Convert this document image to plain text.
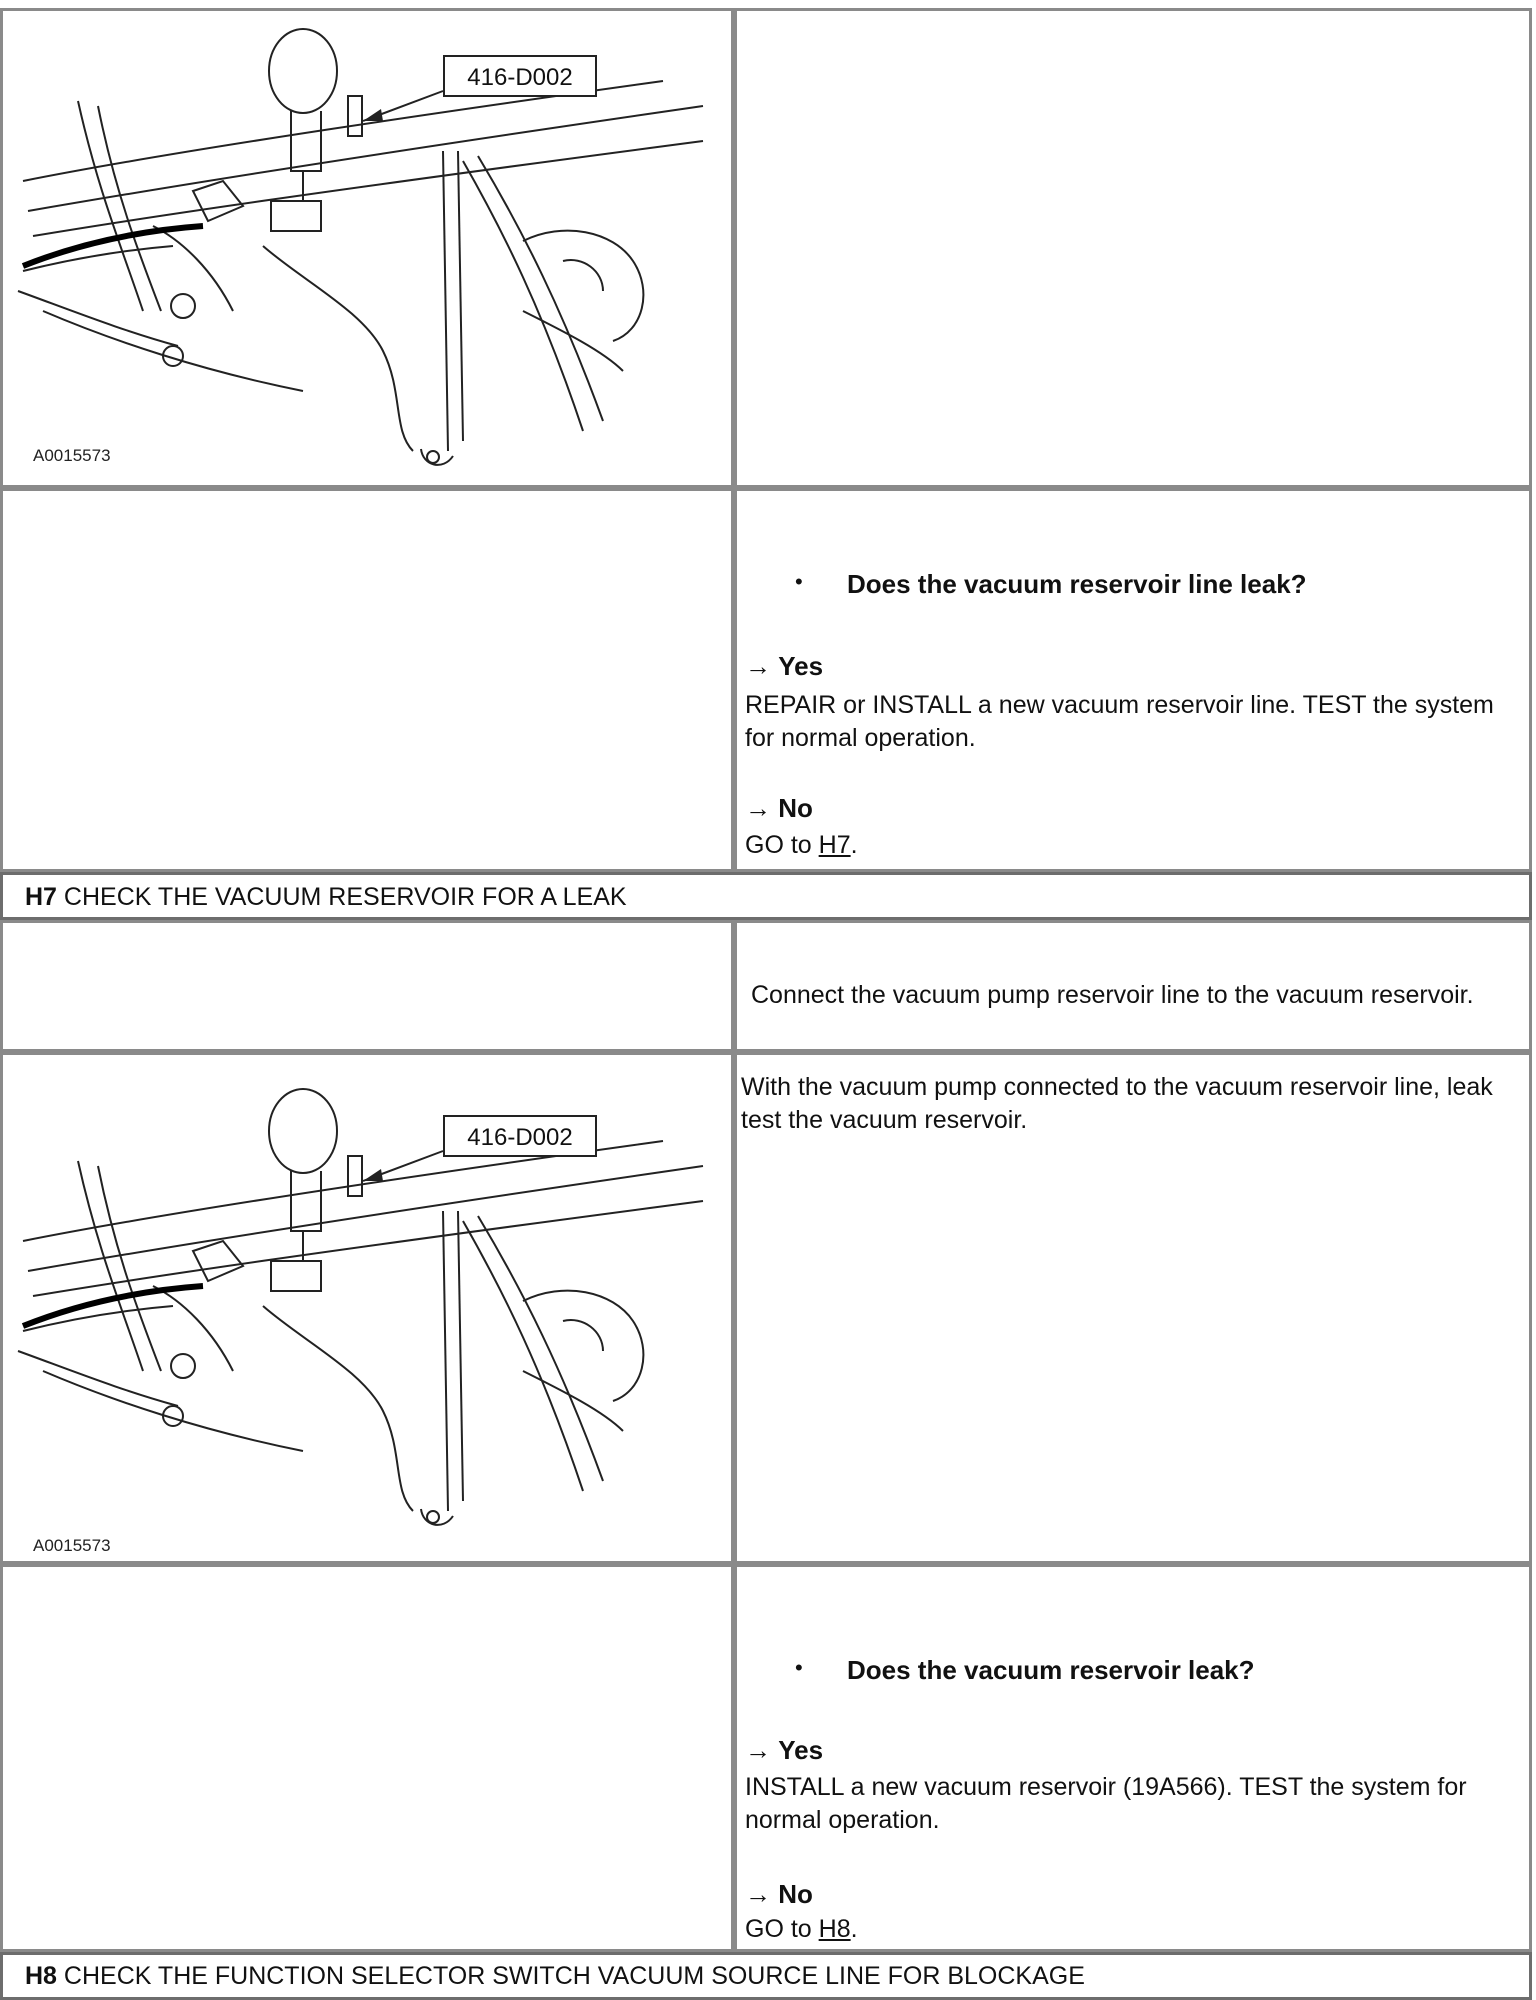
416-D002
A0015573
• Does the vacuum reservoir line leak?
→ Yes
REPAIR or INSTALL a new vacuum reservoir line. TEST the system for normal operation.
→ No
GO to H7.
H7 CHECK THE VACUUM RESERVOIR FOR A LEAK
Connect the vacuum pump reservoir line to the vacuum reservoir.
416-D002
A0015573
With the vacuum pump connected to the vacuum reservoir line, leak test the vacuum reservoir.
• Does the vacuum reservoir leak?
→ Yes
INSTALL a new vacuum reservoir (19A566). TEST the system for normal operation.
→ No
GO to H8.
H8 CHECK THE FUNCTION SELECTOR SWITCH VACUUM SOURCE LINE FOR BLOCKAGE
